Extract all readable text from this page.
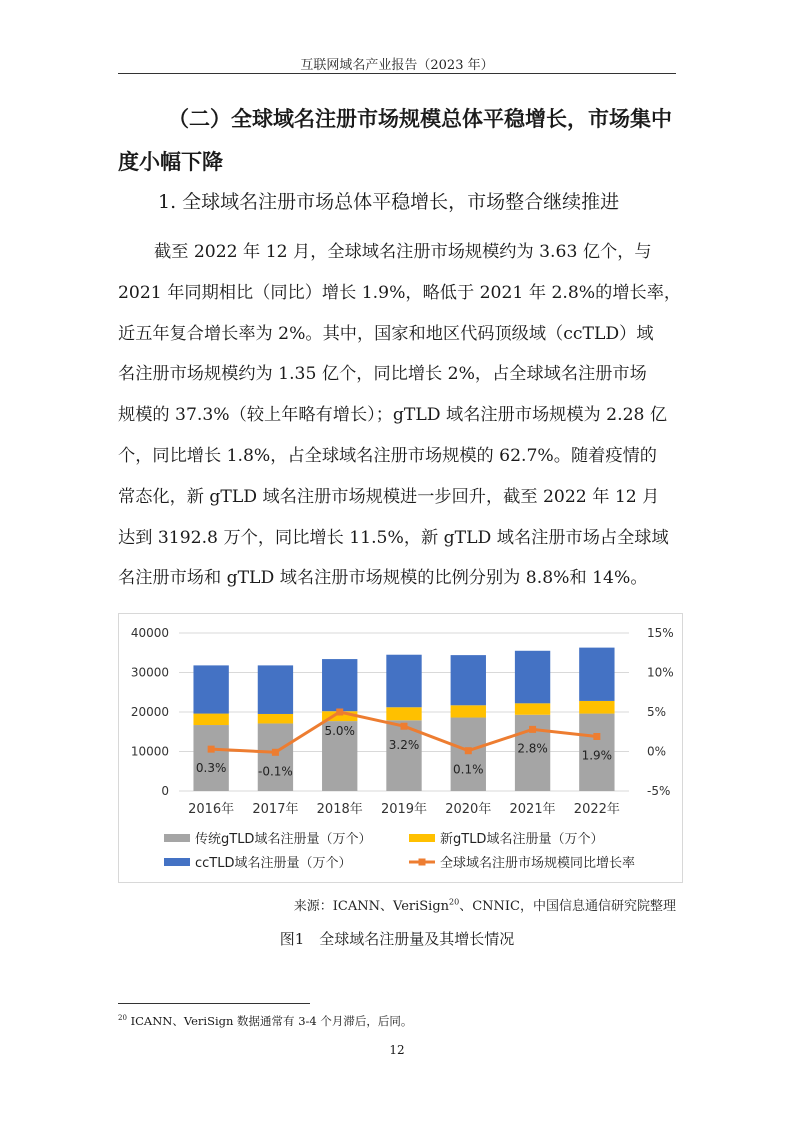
互联网域名产业报告（2023 年）
（二）全球域名注册市场规模总体平稳增长，市场集中
度小幅下降
1. 全球域名注册市场总体平稳增长，市场整合继续推进
截至 2022 年 12 月，全球域名注册市场规模约为 3.63 亿个，与
2021 年同期相比（同比）增长 1.9%，略低于 2021 年 2.8%的增长率，
近五年复合增长率为 2%。其中，国家和地区代码顶级域（ccTLD）域
名注册市场规模约为 1.35 亿个，同比增长 2%，占全球域名注册市场
规模的 37.3%（较上年略有增长）；gTLD 域名注册市场规模为 2.28 亿
个，同比增长 1.8%，占全球域名注册市场规模的 62.7%。随着疫情的
常态化，新 gTLD 域名注册市场规模进一步回升，截至 2022 年 12 月
达到 3192.8 万个，同比增长 11.5%，新 gTLD 域名注册市场占全球域
名注册市场和 gTLD 域名注册市场规模的比例分别为 8.8%和 14%。
0
10000
20000
30000
40000
-5%
0%
5%
10%
15%
2016年 2017年 2018年 2019年 2020年 2021年 2022年
0.3%	-0.1%
5.0%
3.2%
0.1%
2.8%
1.9%
传统gTLD域名注册量（万个）	新gTLD域名注册量（万个）
ccTLD域名注册量（万个）	全球域名注册市场规模同比增长率
来源：ICANN、VeriSign$^{20}$、CNNIC，中国信息通信研究院整理
图1　全球域名注册量及其增长情况
$^{20}$ ICANN、VeriSign 数据通常有 3-4 个月滞后，后同。
12
